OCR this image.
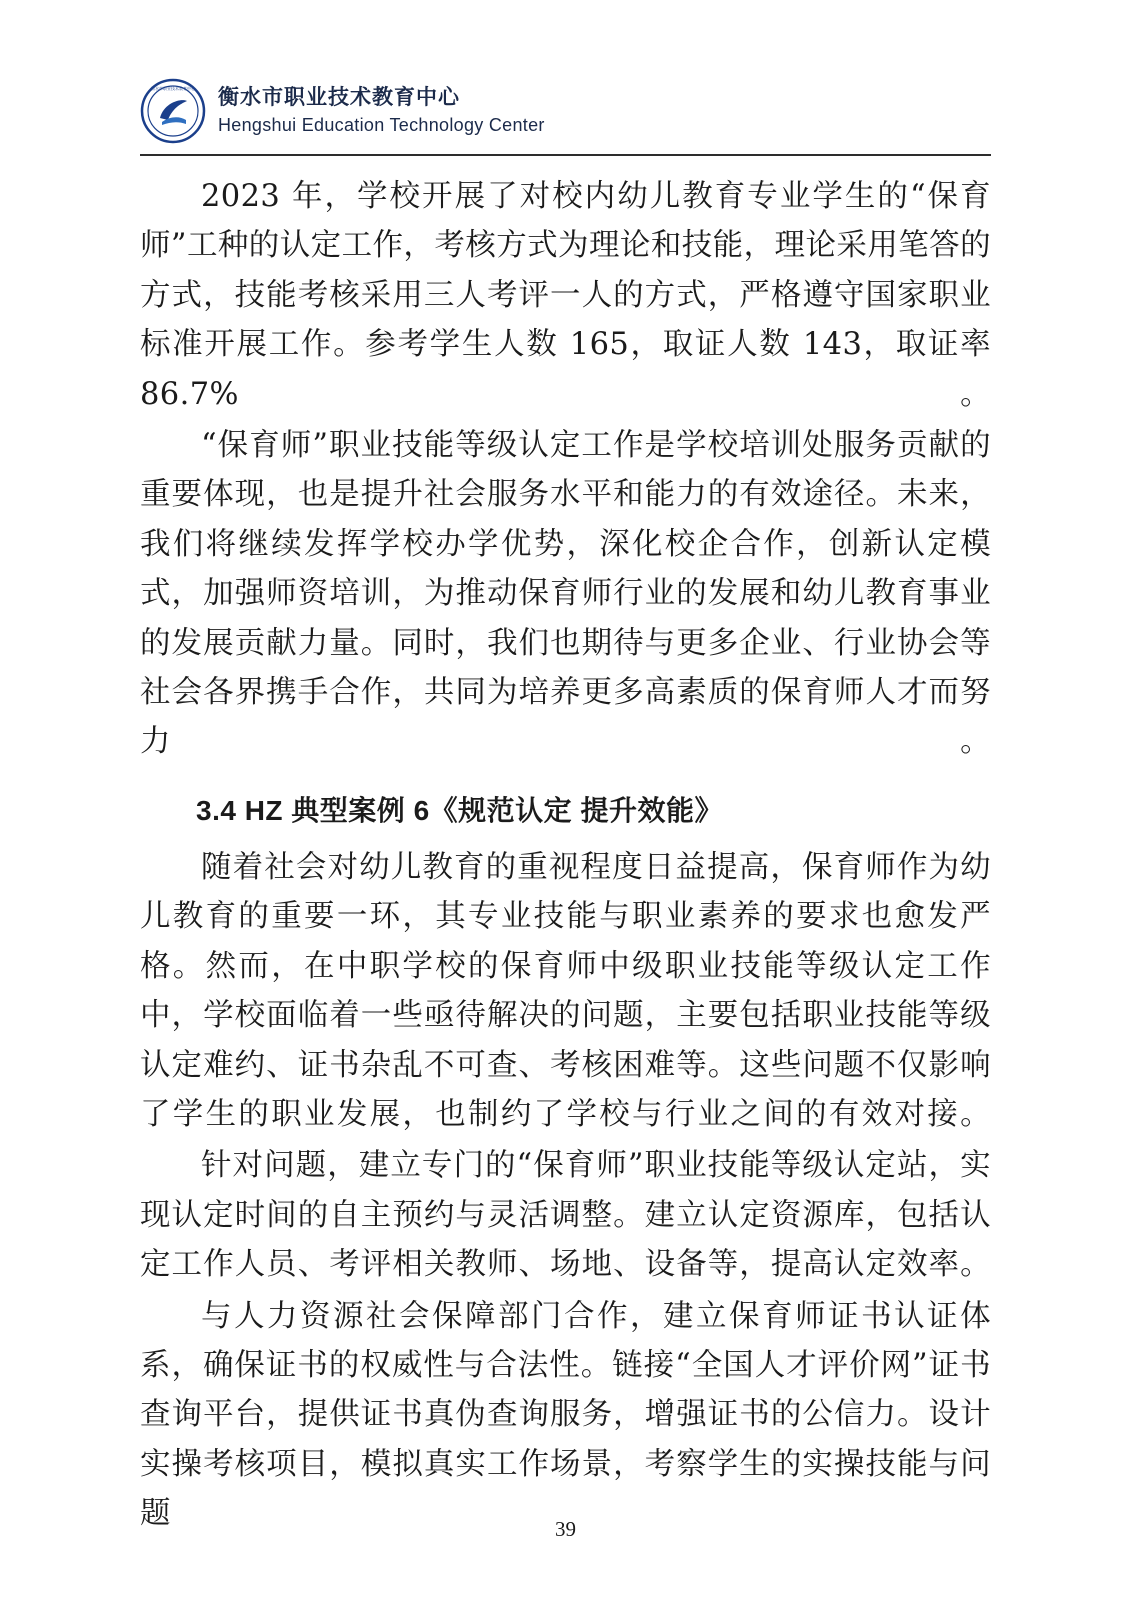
衡水市职业技术教育中心 衡水市职业技术教育中心
Hengshui Education Technology Center

2023 年，学校开展了对校内幼儿教育专业学生的“保育师”工种的认定工作，考核方式为理论和技能，理论采用笔答的方式，技能考核采用三人考评一人的方式，严格遵守国家职业标准开展工作。参考学生人数 165，取证人数 143，取证率 86.7%。

“保育师”职业技能等级认定工作是学校培训处服务贡献的重要体现，也是提升社会服务水平和能力的有效途径。未来，我们将继续发挥学校办学优势，深化校企合作，创新认定模式，加强师资培训，为推动保育师行业的发展和幼儿教育事业的发展贡献力量。同时，我们也期待与更多企业、行业协会等社会各界携手合作，共同为培养更多高素质的保育师人才而努力。

3.4 HZ 典型案例 6《规范认定 提升效能》

随着社会对幼儿教育的重视程度日益提高，保育师作为幼儿教育的重要一环，其专业技能与职业素养的要求也愈发严格。然而，在中职学校的保育师中级职业技能等级认定工作中，学校面临着一些亟待解决的问题，主要包括职业技能等级认定难约、证书杂乱不可查、考核困难等。这些问题不仅影响了学生的职业发展，也制约了学校与行业之间的有效对接。

针对问题，建立专门的“保育师”职业技能等级认定站，实现认定时间的自主预约与灵活调整。建立认定资源库，包括认定工作人员、考评相关教师、场地、设备等，提高认定效率。

与人力资源社会保障部门合作，建立保育师证书认证体系，确保证书的权威性与合法性。链接“全国人才评价网”证书查询平台，提供证书真伪查询服务，增强证书的公信力。设计实操考核项目，模拟真实工作场景，考察学生的实操技能与问题	39
